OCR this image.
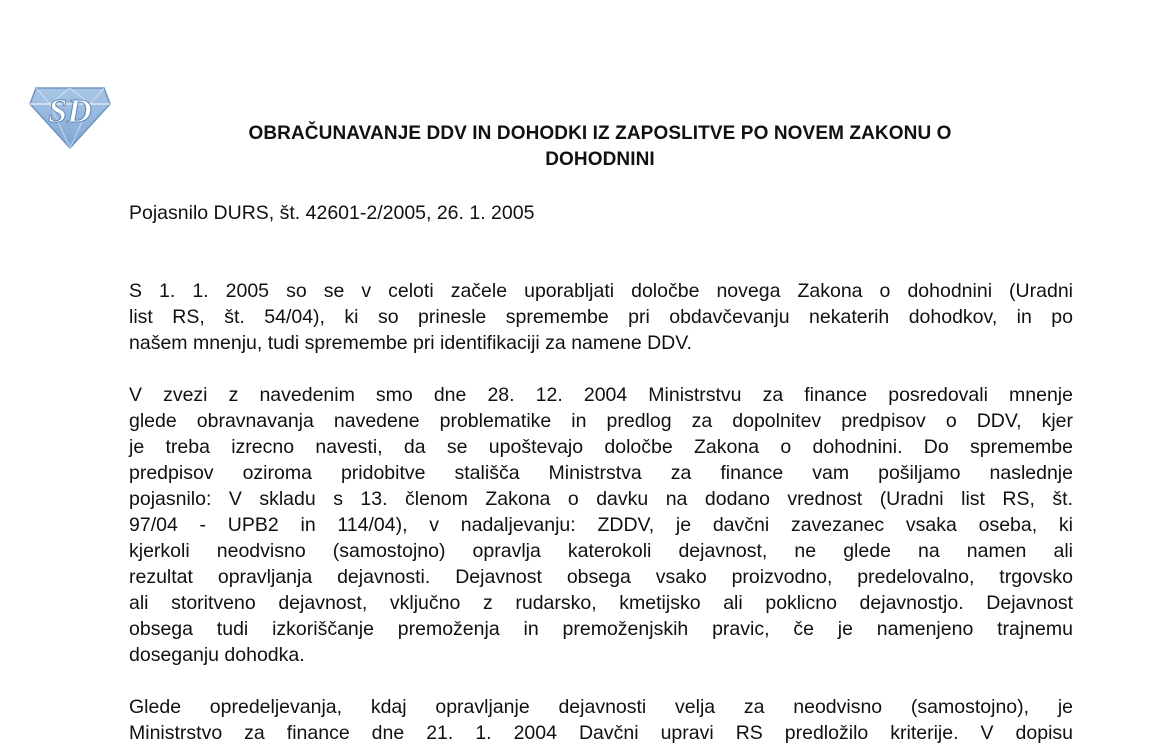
SD
OBRAČUNAVANJE DDV IN DOHODKI IZ ZAPOSLITVE PO NOVEM ZAKONU O
DOHODNINI
Pojasnilo DURS, št. 42601-2/2005, 26. 1. 2005
S 1. 1. 2005 so se v celoti začele uporabljati določbe novega Zakona o dohodnini (Uradni
list RS, št. 54/04), ki so prinesle spremembe pri obdavčevanju nekaterih dohodkov, in po
našem mnenju, tudi spremembe pri identifikaciji za namene DDV.
V zvezi z navedenim smo dne 28. 12. 2004 Ministrstvu za finance posredovali mnenje
glede obravnavanja navedene problematike in predlog za dopolnitev predpisov o DDV, kjer
je treba izrecno navesti, da se upoštevajo določbe Zakona o dohodnini. Do spremembe
predpisov oziroma pridobitve stališča Ministrstva za finance vam pošiljamo naslednje
pojasnilo: V skladu s 13. členom Zakona o davku na dodano vrednost (Uradni list RS, št.
97/04 - UPB2 in 114/04), v nadaljevanju: ZDDV, je davčni zavezanec vsaka oseba, ki
kjerkoli neodvisno (samostojno) opravlja katerokoli dejavnost, ne glede na namen ali
rezultat opravljanja dejavnosti. Dejavnost obsega vsako proizvodno, predelovalno, trgovsko
ali storitveno dejavnost, vključno z rudarsko, kmetijsko ali poklicno dejavnostjo. Dejavnost
obsega tudi izkoriščanje premoženja in premoženjskih pravic, če je namenjeno trajnemu
doseganju dohodka.
Glede opredeljevanja, kdaj opravljanje dejavnosti velja za neodvisno (samostojno), je
Ministrstvo za finance dne 21. 1. 2004 Davčni upravi RS predložilo kriterije. V dopisu
